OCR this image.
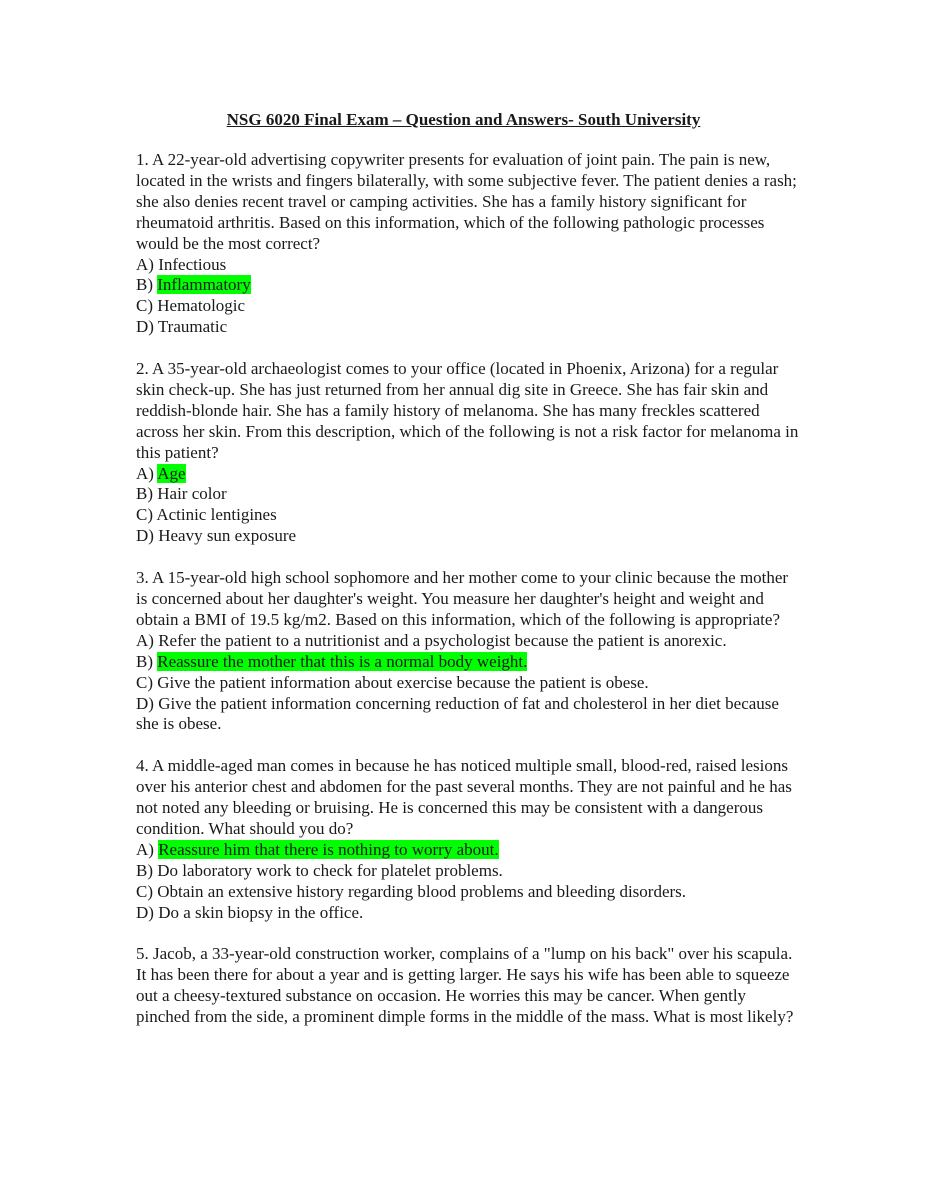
NSG 6020 Final Exam – Question and Answers- South University

1. A 22-year-old advertising copywriter presents for evaluation of joint pain. The pain is new, located in the wrists and fingers bilaterally, with some subjective fever. The patient denies a rash; she also denies recent travel or camping activities. She has a family history significant for rheumatoid arthritis. Based on this information, which of the following pathologic processes would be the most correct?

A) Infectious

B) Inflammatory

C) Hematologic

D) Traumatic

2. A 35-year-old archaeologist comes to your office (located in Phoenix, Arizona) for a regular skin check-up. She has just returned from her annual dig site in Greece. She has fair skin and reddish-blonde hair. She has a family history of melanoma. She has many freckles scattered across her skin. From this description, which of the following is not a risk factor for melanoma in this patient?

A) Age

B) Hair color

C) Actinic lentigines

D) Heavy sun exposure

3. A 15-year-old high school sophomore and her mother come to your clinic because the mother is concerned about her daughter's weight. You measure her daughter's height and weight and obtain a BMI of 19.5 kg/m2. Based on this information, which of the following is appropriate?

A) Refer the patient to a nutritionist and a psychologist because the patient is anorexic.

B) Reassure the mother that this is a normal body weight.

C) Give the patient information about exercise because the patient is obese.

D) Give the patient information concerning reduction of fat and cholesterol in her diet because she is obese.

4. A middle-aged man comes in because he has noticed multiple small, blood-red, raised lesions over his anterior chest and abdomen for the past several months. They are not painful and he has not noted any bleeding or bruising. He is concerned this may be consistent with a dangerous condition. What should you do?

A) Reassure him that there is nothing to worry about.

B) Do laboratory work to check for platelet problems.

C) Obtain an extensive history regarding blood problems and bleeding disorders.

D) Do a skin biopsy in the office.

5. Jacob, a 33-year-old construction worker, complains of a "lump on his back" over his scapula. It has been there for about a year and is getting larger. He says his wife has been able to squeeze out a cheesy-textured substance on occasion. He worries this may be cancer. When gently pinched from the side, a prominent dimple forms in the middle of the mass. What is most likely?
